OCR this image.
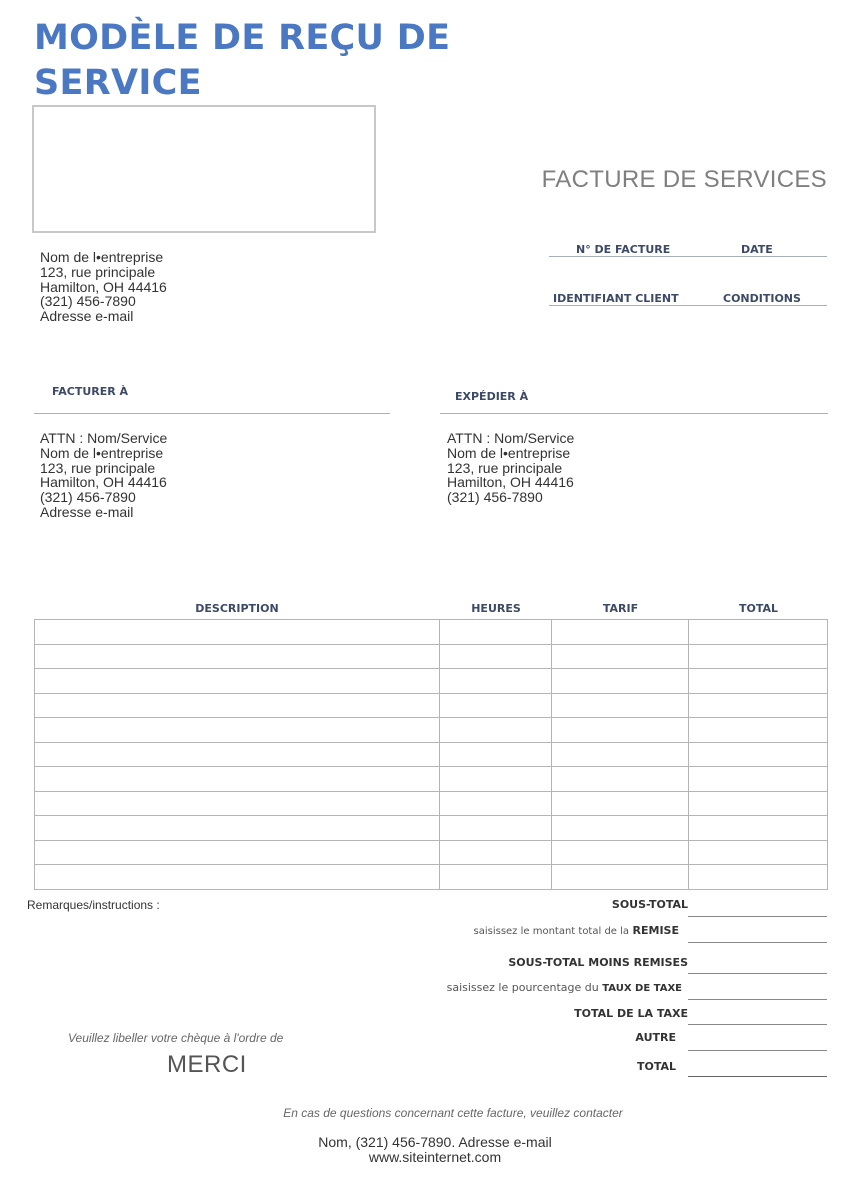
MODÈLE DE REÇU DE
SERVICE
FACTURE DE SERVICES
Nom de l•entreprise
123, rue principale
Hamilton, OH 44416
(321) 456-7890
Adresse e-mail
N° DE FACTURE	DATE
IDENTIFIANT CLIENT	CONDITIONS
FACTURER À
ATTN : Nom/Service
Nom de l•entreprise
123, rue principale
Hamilton, OH 44416
(321) 456-7890
Adresse e-mail
EXPÉDIER À
ATTN : Nom/Service
Nom de l•entreprise
123, rue principale
Hamilton, OH 44416
(321) 456-7890
DESCRIPTION	HEURES	TARIF	TOTAL

Remarques/instructions :	SOUS-TOTAL
saisissez le montant total de la REMISE
SOUS-TOTAL MOINS REMISES
saisissez le pourcentage du TAUX DE TAXE
TOTAL DE LA TAXE
AUTRE
TOTAL
Veuillez libeller votre chèque à l'ordre de
MERCI
En cas de questions concernant cette facture, veuillez contacter
Nom, (321) 456-7890. Adresse e-mail
www.siteinternet.com
